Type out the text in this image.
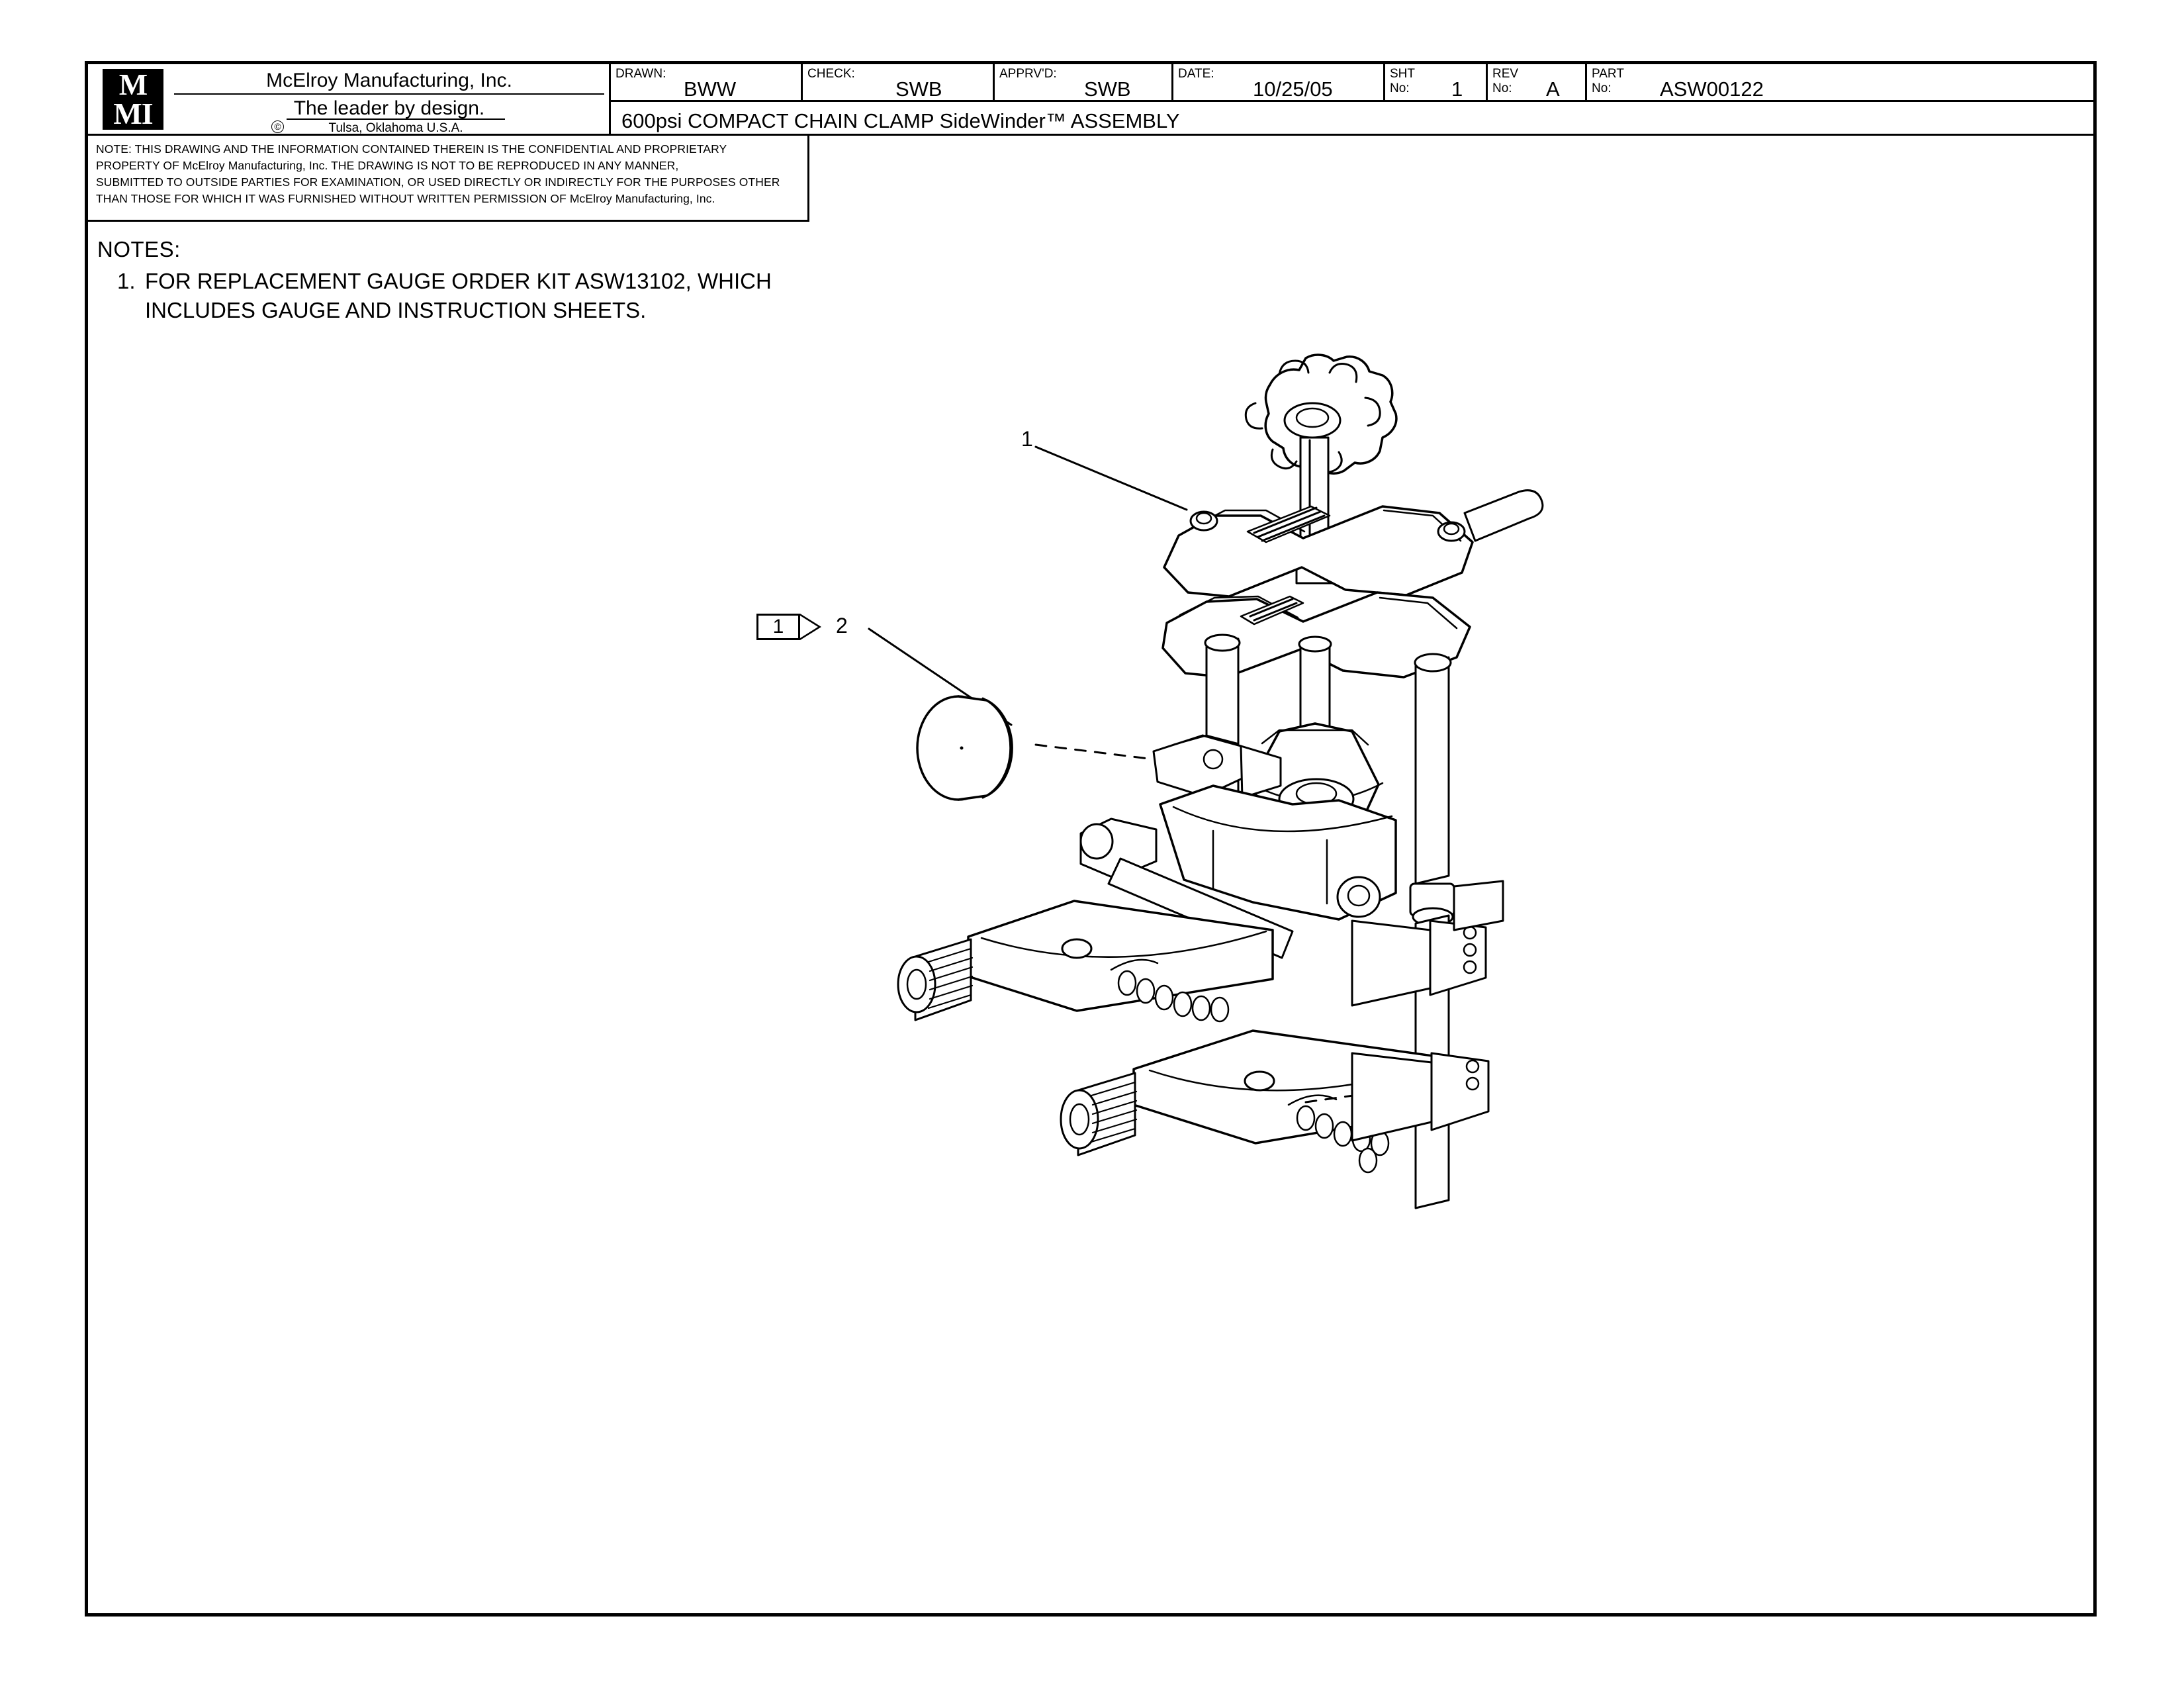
M
MI
McElroy Manufacturing, Inc.
The leader by design.
©	Tulsa, Oklahoma U.S.A.
DRAWN:
BWW
CHECK:
SWB
APPRV'D:
SWB
DATE:
10/25/05
SHT
No: 1
REV
No: A
PART
No: ASW00122
600psi COMPACT CHAIN CLAMP SideWinder™ ASSEMBLY

NOTE: THIS DRAWING AND THE INFORMATION CONTAINED THEREIN IS THE CONFIDENTIAL AND PROPRIETARY

PROPERTY OF McElroy Manufacturing, Inc. THE DRAWING IS NOT TO BE REPRODUCED IN ANY MANNER,

SUBMITTED TO OUTSIDE PARTIES FOR EXAMINATION, OR USED DIRECTLY OR INDIRECTLY FOR THE PURPOSES OTHER

THAN THOSE FOR WHICH IT WAS FURNISHED WITHOUT WRITTEN PERMISSION OF McElroy Manufacturing, Inc.

NOTES:
1. FOR REPLACEMENT GAUGE ORDER KIT ASW13102, WHICH
INCLUDES GAUGE AND INSTRUCTION SHEETS.
1	2
1
